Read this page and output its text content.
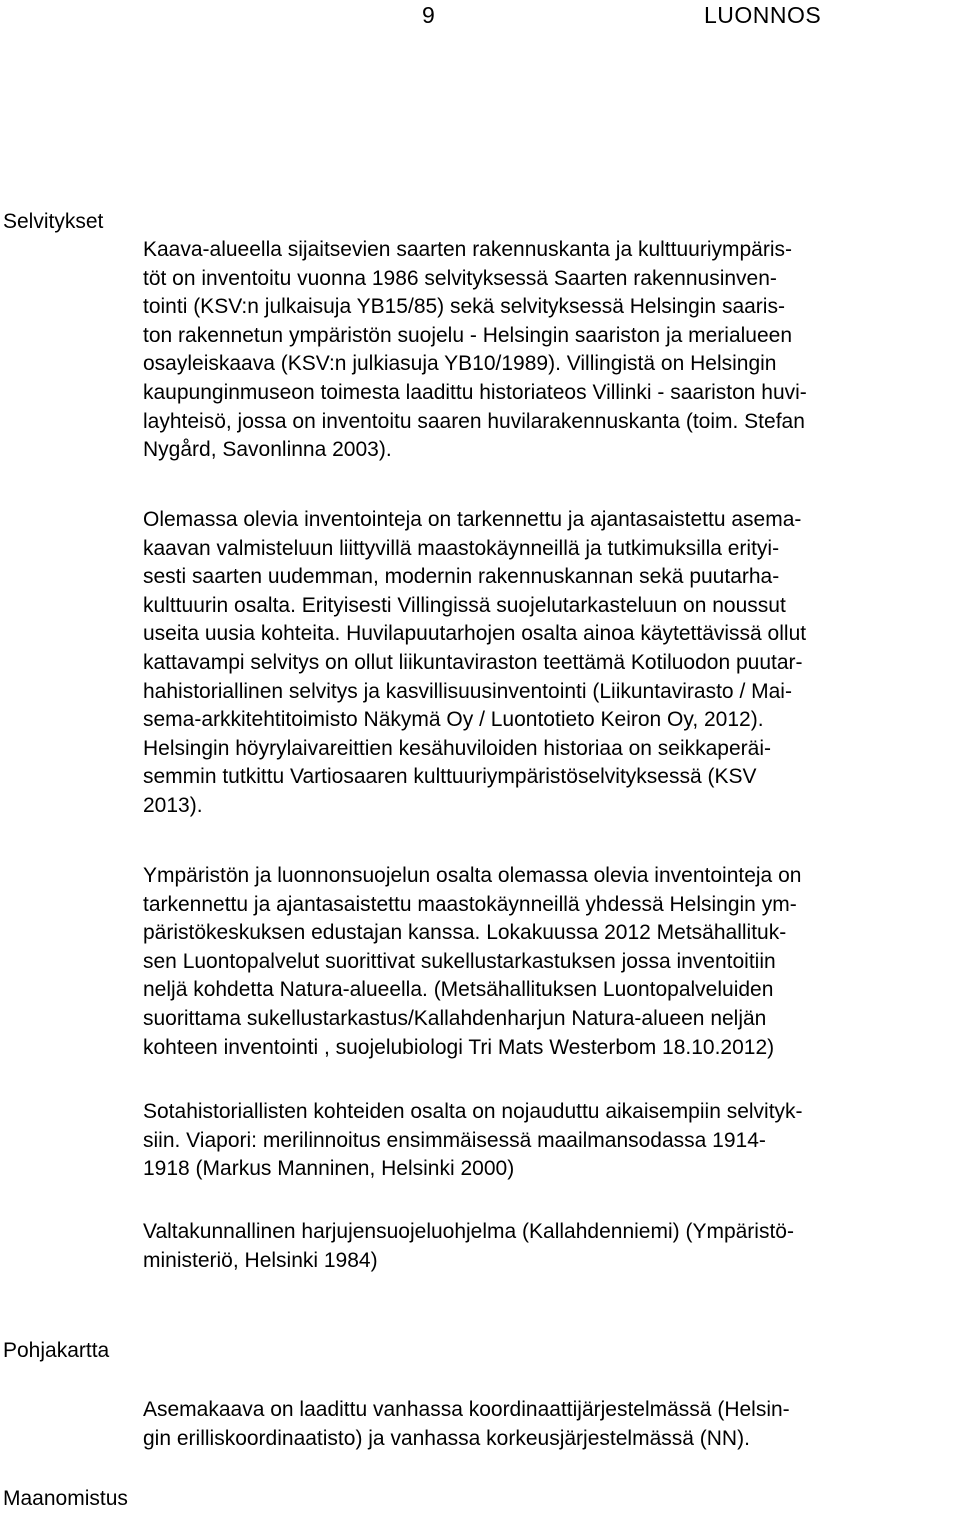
9	LUONNOS
Selvitykset
Kaava-alueella sijaitsevien saarten rakennuskanta ja kulttuuriympäris-
töt on inventoitu vuonna 1986 selvityksessä Saarten rakennusinven-
tointi (KSV:n julkaisuja YB15/85) sekä selvityksessä Helsingin saaris-
ton rakennetun ympäristön suojelu - Helsingin saariston ja merialueen
osayleiskaava (KSV:n julkiasuja YB10/1989). Villingistä on Helsingin
kaupunginmuseon toimesta laadittu historiateos Villinki - saariston huvi-
layhteisö, jossa on inventoitu saaren huvilarakennuskanta (toim. Stefan
Nygård, Savonlinna 2003).
Olemassa olevia inventointeja on tarkennettu ja ajantasaistettu asema-
kaavan valmisteluun liittyvillä maastokäynneillä ja tutkimuksilla erityi-
sesti saarten uudemman, modernin rakennuskannan sekä puutarha-
kulttuurin osalta. Erityisesti Villingissä suojelutarkasteluun on noussut
useita uusia kohteita. Huvilapuutarhojen osalta ainoa käytettävissä ollut
kattavampi selvitys on ollut liikuntaviraston teettämä Kotiluodon puutar-
hahistoriallinen selvitys ja kasvillisuusinventointi (Liikuntavirasto / Mai-
sema-arkkitehtitoimisto Näkymä Oy / Luontotieto Keiron Oy, 2012).
Helsingin höyrylaivareittien kesähuviloiden historiaa on seikkaperäi-
semmin tutkittu Vartiosaaren kulttuuriympäristöselvityksessä (KSV
2013).
Ympäristön ja luonnonsuojelun osalta olemassa olevia inventointeja on
tarkennettu ja ajantasaistettu maastokäynneillä yhdessä Helsingin ym-
päristökeskuksen edustajan kanssa. Lokakuussa 2012 Metsähallituk-
sen Luontopalvelut suorittivat sukellustarkastuksen jossa inventoitiin
neljä kohdetta Natura-alueella. (Metsähallituksen Luontopalveluiden
suorittama sukellustarkastus/Kallahdenharjun Natura-alueen neljän
kohteen inventointi , suojelubiologi Tri Mats Westerbom 18.10.2012)
Sotahistoriallisten kohteiden osalta on nojauduttu aikaisempiin selvityk-
siin. Viapori: merilinnoitus ensimmäisessä maailmansodassa 1914-
1918 (Markus Manninen, Helsinki 2000)
Valtakunnallinen harjujensuojeluohjelma (Kallahdenniemi) (Ympäristö-
ministeriö, Helsinki 1984)
Pohjakartta
Asemakaava on laadittu vanhassa koordinaattijärjestelmässä (Helsin-
gin erilliskoordinaatisto) ja vanhassa korkeusjärjestelmässä (NN).
Maanomistus
